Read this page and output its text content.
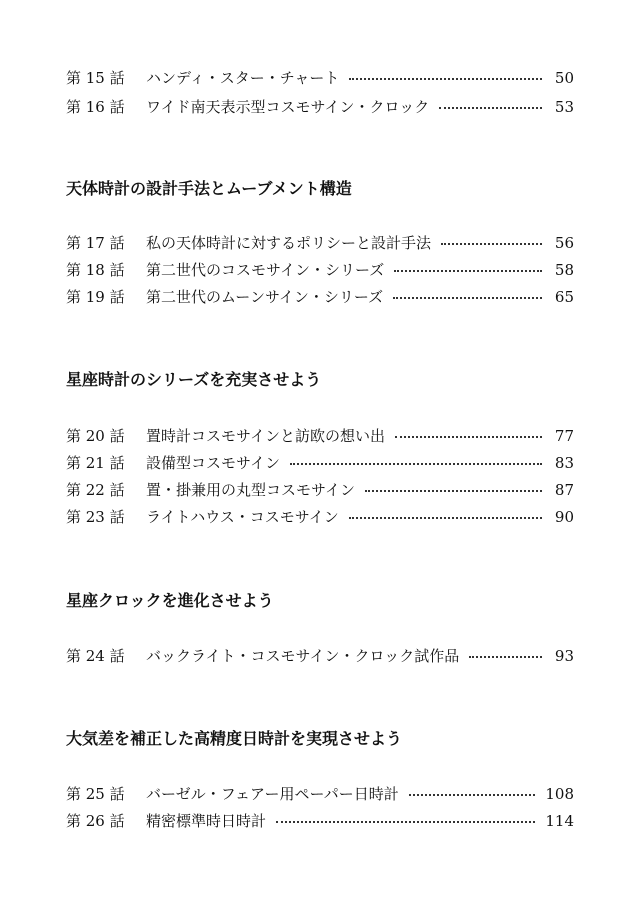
第 15 話	ハンディ・スター・チャート	50
第 16 話	ワイド南天表示型コスモサイン・クロック	53
天体時計の設計手法とムーブメント構造
第 17 話	私の天体時計に対するポリシーと設計手法	56
第 18 話	第二世代のコスモサイン・シリーズ	58
第 19 話	第二世代のムーンサイン・シリーズ	65
星座時計のシリーズを充実させよう
第 20 話	置時計コスモサインと訪欧の想い出	77
第 21 話	設備型コスモサイン	83
第 22 話	置・掛兼用の丸型コスモサイン	87
第 23 話	ライトハウス・コスモサイン	90
星座クロックを進化させよう
第 24 話	バックライト・コスモサイン・クロック試作品	93
大気差を補正した高精度日時計を実現させよう
第 25 話	バーゼル・フェアー用ペーパー日時計	108
第 26 話	精密標準時日時計	114
